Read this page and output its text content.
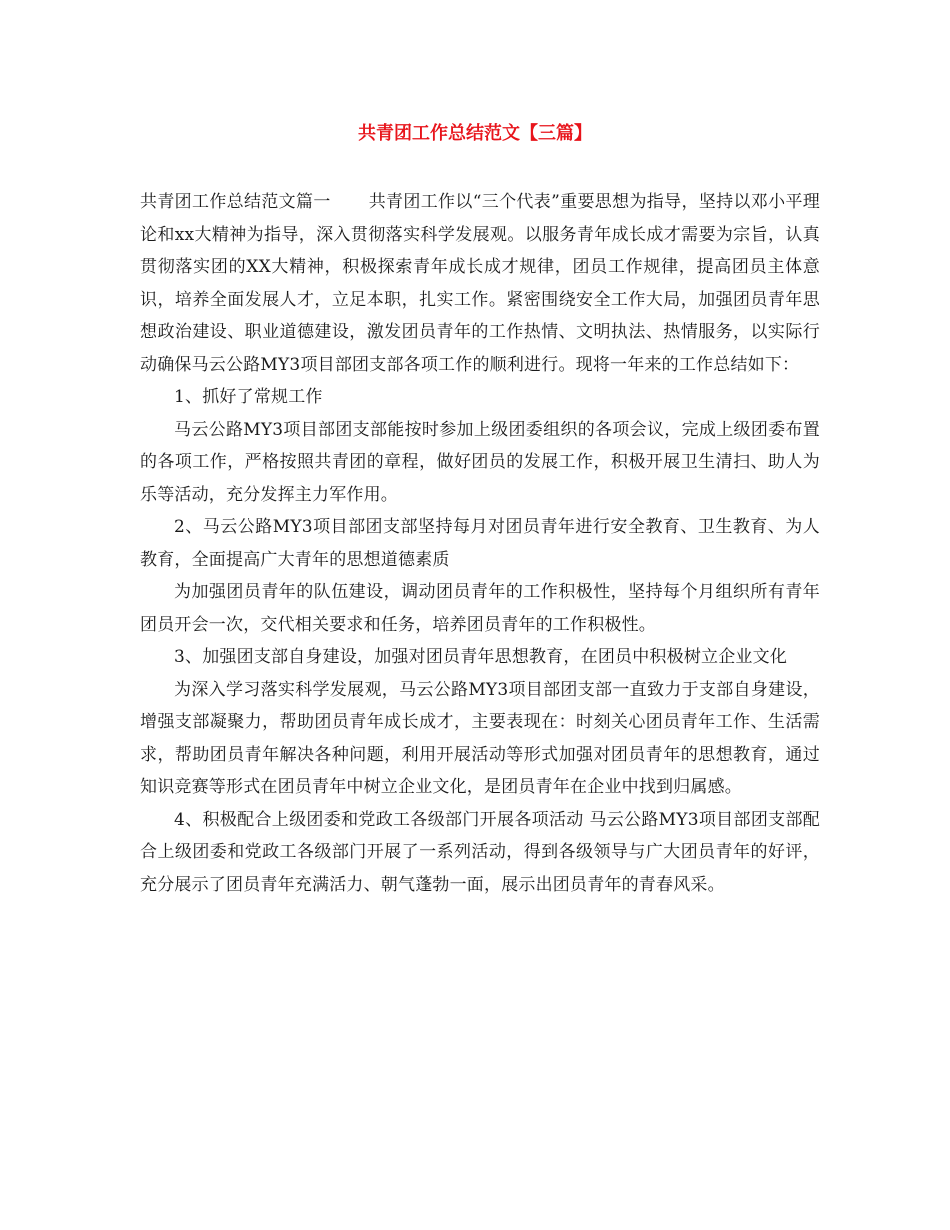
共青团工作总结范文【三篇】

共青团工作总结范文篇一 共青团工作以“三个代表”重要思想为指导，坚持以邓小平理论和xx大精神为指导，深入贯彻落实科学发展观。以服务青年成长成才需要为宗旨，认真贯彻落实团的XX大精神，积极探索青年成长成才规律，团员工作规律，提高团员主体意识，培养全面发展人才，立足本职，扎实工作。紧密围绕安全工作大局，加强团员青年思想政治建设、职业道德建设，激发团员青年的工作热情、文明执法、热情服务，以实际行动确保马云公路MY3项目部团支部各项工作的顺利进行。现将一年来的工作总结如下：

1、抓好了常规工作

马云公路MY3项目部团支部能按时参加上级团委组织的各项会议，完成上级团委布置的各项工作，严格按照共青团的章程，做好团员的发展工作，积极开展卫生清扫、助人为乐等活动，充分发挥主力军作用。

2、马云公路MY3项目部团支部坚持每月对团员青年进行安全教育、卫生教育、为人教育，全面提高广大青年的思想道德素质

为加强团员青年的队伍建设，调动团员青年的工作积极性，坚持每个月组织所有青年团员开会一次，交代相关要求和任务，培养团员青年的工作积极性。

3、加强团支部自身建设，加强对团员青年思想教育，在团员中积极树立企业文化

为深入学习落实科学发展观，马云公路MY3项目部团支部一直致力于支部自身建设，增强支部凝聚力，帮助团员青年成长成才，主要表现在：时刻关心团员青年工作、生活需求，帮助团员青年解决各种问题，利用开展活动等形式加强对团员青年的思想教育，通过知识竞赛等形式在团员青年中树立企业文化，是团员青年在企业中找到归属感。

4、积极配合上级团委和党政工各级部门开展各项活动 马云公路MY3项目部团支部配合上级团委和党政工各级部门开展了一系列活动，得到各级领导与广大团员青年的好评，充分展示了团员青年充满活力、朝气蓬勃一面，展示出团员青年的青春风采。
